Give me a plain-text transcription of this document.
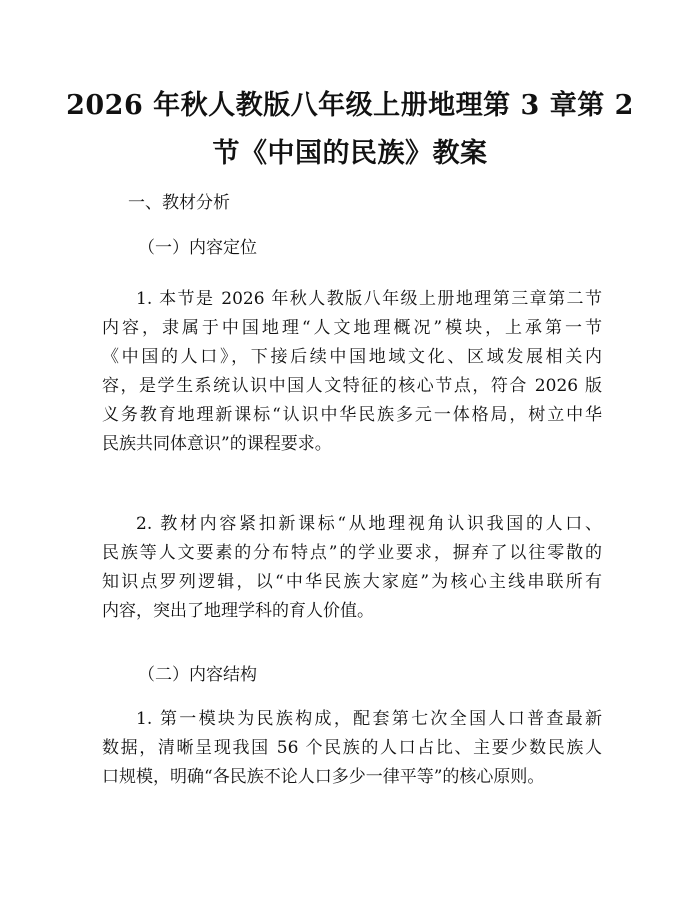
2026 年秋人教版八年级上册地理第 3 章第 2
节《中国的民族》教案
一、教材分析
（一）内容定位

1. 本节是 2026 年秋人教版八年级上册地理第三章第二节
内容，隶属于中国地理“人文地理概况”模块，上承第一节
《中国的人口》，下接后续中国地域文化、区域发展相关内
容，是学生系统认识中国人文特征的核心节点，符合 2026 版
义务教育地理新课标“认识中华民族多元一体格局，树立中华
民族共同体意识”的课程要求。

2. 教材内容紧扣新课标“从地理视角认识我国的人口、
民族等人文要素的分布特点”的学业要求，摒弃了以往零散的
知识点罗列逻辑，以“中华民族大家庭”为核心主线串联所有
内容，突出了地理学科的育人价值。

（二）内容结构

1. 第一模块为民族构成，配套第七次全国人口普查最新
数据，清晰呈现我国 56 个民族的人口占比、主要少数民族人
口规模，明确“各民族不论人口多少一律平等”的核心原则。
